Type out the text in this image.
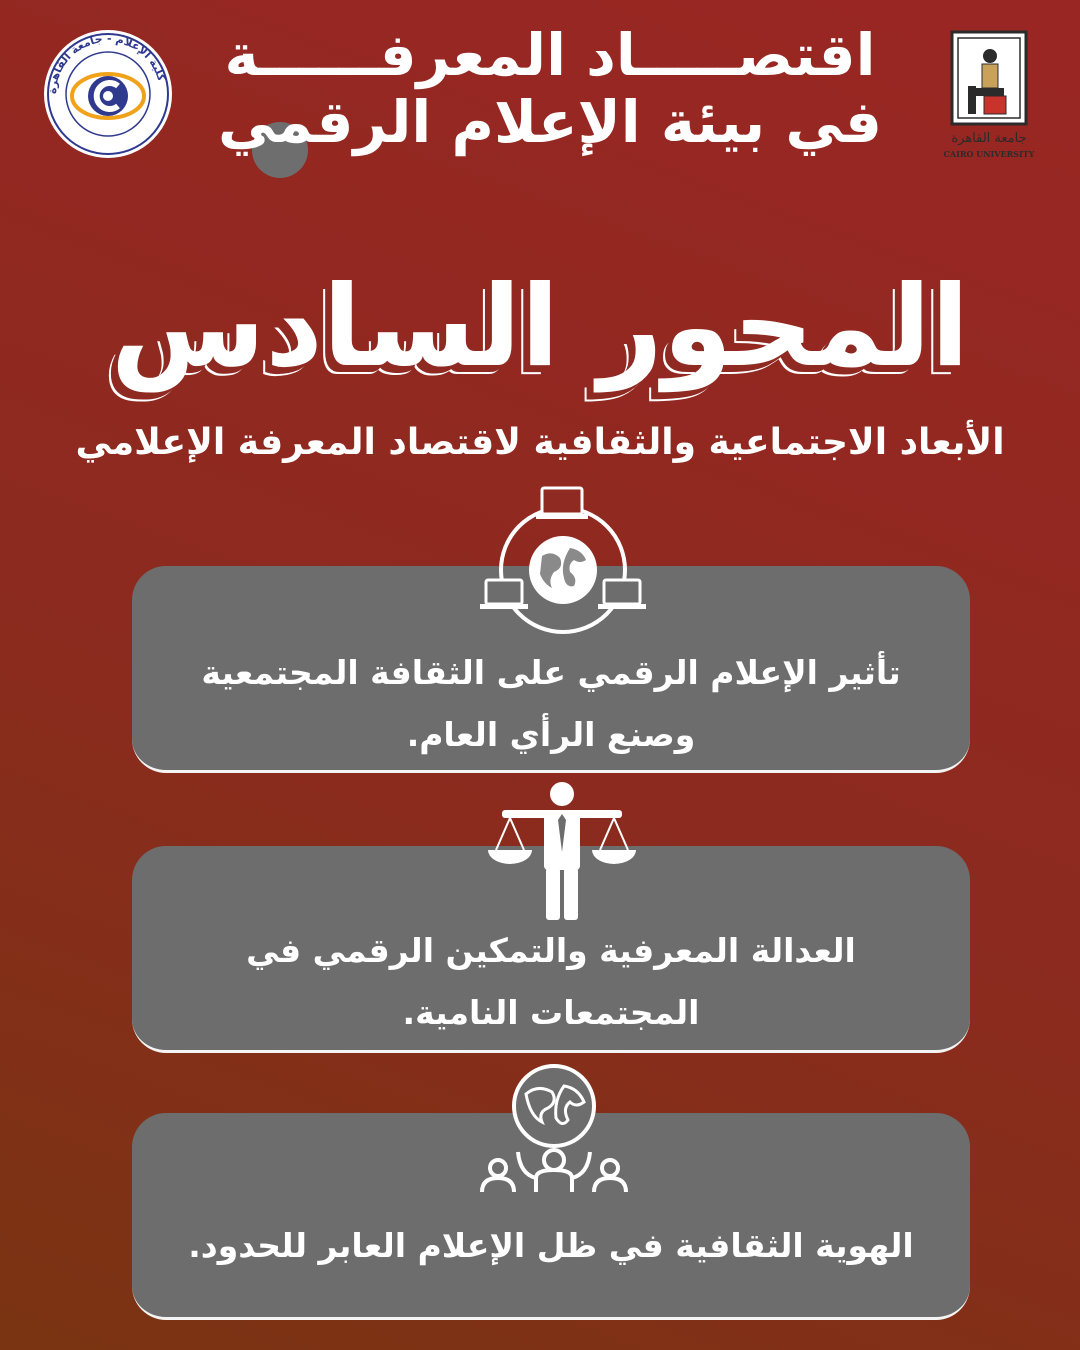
كلية الإعلام - جامعة القاهرة اقتصـــــاد المعرفــــــة
في بيئة الإعلام الرقمي	جامعة القاهرة
CAIRO UNIVERSITY
المحور السادس
الأبعاد الاجتماعية والثقافية لاقتصاد المعرفة الإعلامي
تأثير الإعلام الرقمي على الثقافة المجتمعية
وصنع الرأي العام.
العدالة المعرفية والتمكين الرقمي في
المجتمعات النامية.
الهوية الثقافية في ظل الإعلام العابر للحدود.
